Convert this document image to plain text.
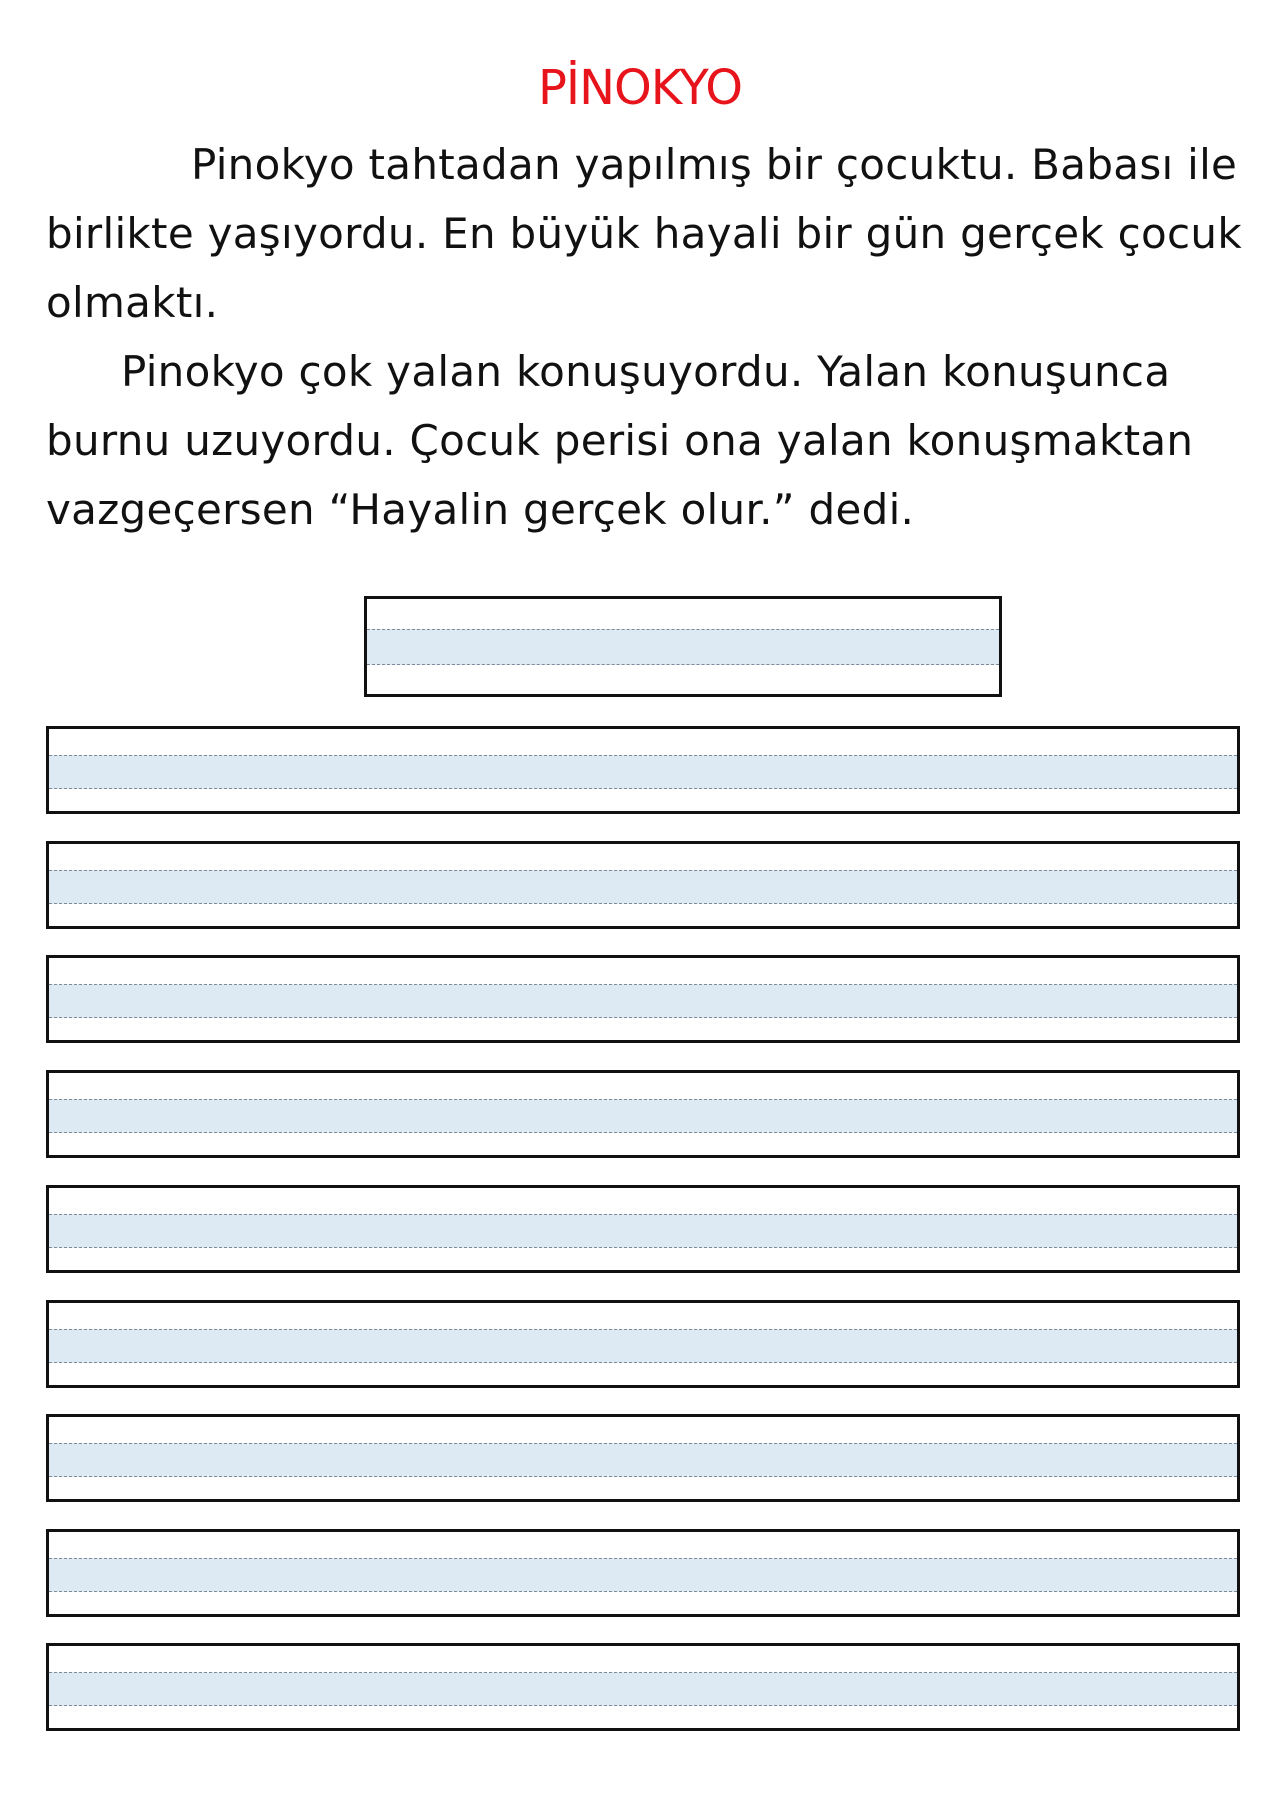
PİNOKYO

Pinokyo tahtadan yapılmış bir çocuktu. Babası ile birlikte yaşıyordu. En büyük hayali bir gün gerçek çocuk olmaktı.

Pinokyo çok yalan konuşuyordu. Yalan konuşunca burnu uzuyordu. Çocuk perisi ona yalan konuşmaktan vazgeçersen “Hayalin gerçek olur.” dedi.
